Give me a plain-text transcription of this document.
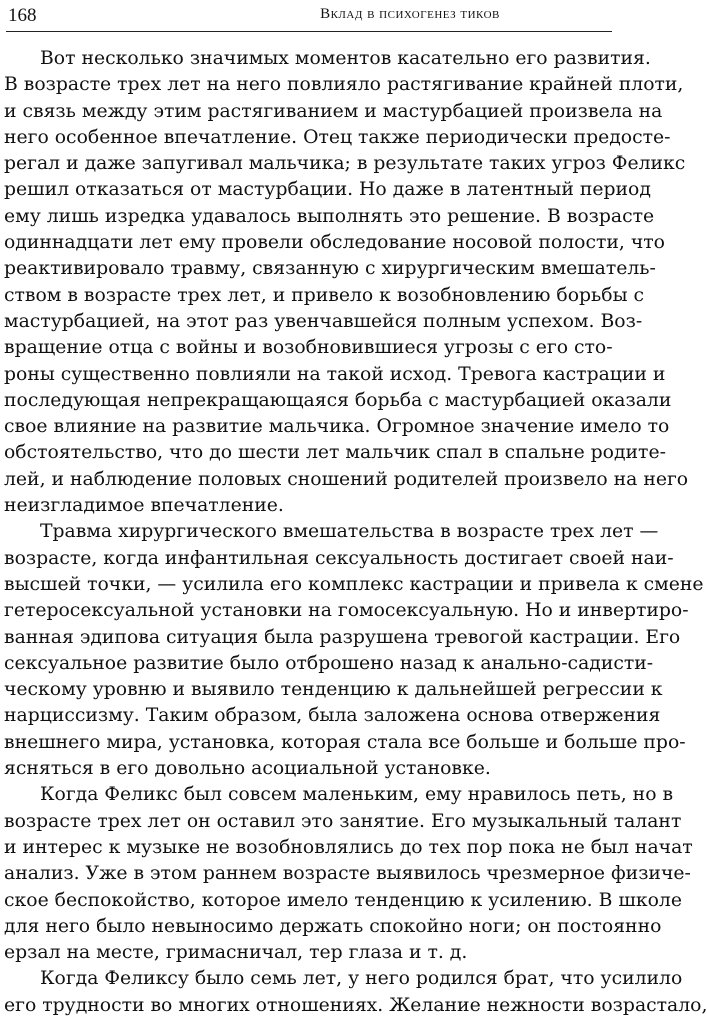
168	Вклад в психогенез тиков
Вот несколько значимых моментов касательно его развития.
В возрасте трех лет на него повлияло растягивание крайней плоти,
и связь между этим растягиванием и мастурбацией произвела на
него особенное впечатление. Отец также периодически предосте-
регал и даже запугивал мальчика; в результате таких угроз Феликс
решил отказаться от мастурбации. Но даже в латентный период
ему лишь изредка удавалось выполнять это решение. В возрасте
одиннадцати лет ему провели обследование носовой полости, что
реактивировало травму, связанную с хирургическим вмешатель-
ством в возрасте трех лет, и привело к возобновлению борьбы с
мастурбацией, на этот раз увенчавшейся полным успехом. Воз-
вращение отца с войны и возобновившиеся угрозы с его сто-
роны существенно повлияли на такой исход. Тревога кастрации и
последующая непрекращающаяся борьба с мастурбацией оказали
свое влияние на развитие мальчика. Огромное значение имело то
обстоятельство, что до шести лет мальчик спал в спальне родите-
лей, и наблюдение половых сношений родителей произвело на него
неизгладимое впечатление.
Травма хирургического вмешательства в возрасте трех лет —
возрасте, когда инфантильная сексуальность достигает своей наи-
высшей точки, — усилила его комплекс кастрации и привела к смене
гетеросексуальной установки на гомосексуальную. Но и инвертиро-
ванная эдипова ситуация была разрушена тревогой кастрации. Его
сексуальное развитие было отброшено назад к анально-садисти-
ческому уровню и выявило тенденцию к дальнейшей регрессии к
нарциссизму. Таким образом, была заложена основа отвержения
внешнего мира, установка, которая стала все больше и больше про-
ясняться в его довольно асоциальной установке.
Когда Феликс был совсем маленьким, ему нравилось петь, но в
возрасте трех лет он оставил это занятие. Его музыкальный талант
и интерес к музыке не возобновлялись до тех пор пока не был начат
анализ. Уже в этом раннем возрасте выявилось чрезмерное физиче-
ское беспокойство, которое имело тенденцию к усилению. В школе
для него было невыносимо держать спокойно ноги; он постоянно
ерзал на месте, гримасничал, тер глаза и т. д.
Когда Феликсу было семь лет, у него родился брат, что усилило
его трудности во многих отношениях. Желание нежности возрастало,
